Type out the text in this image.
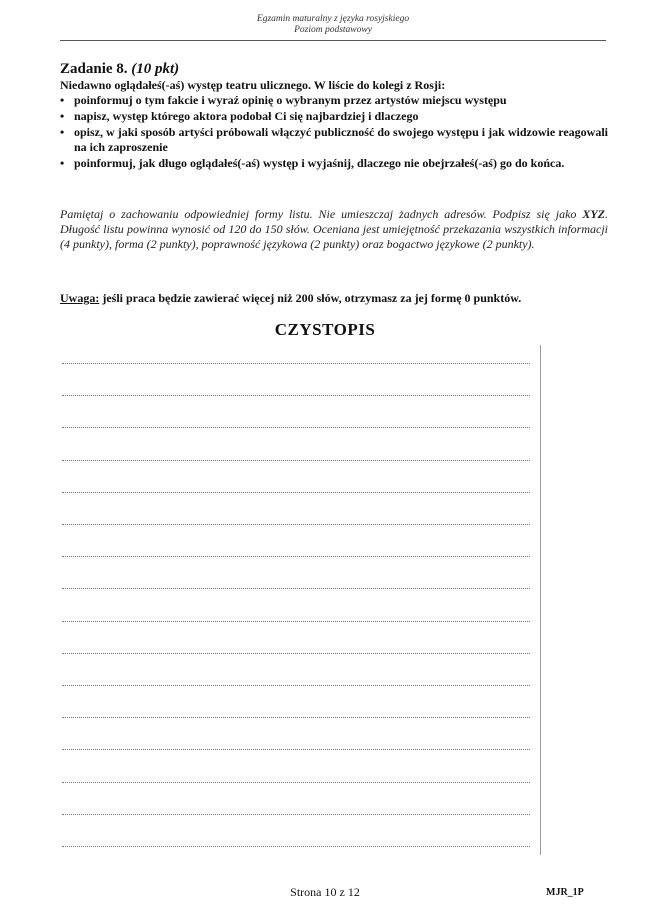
Egzamin maturalny z języka rosyjskiego
Poziom podstawowy
Zadanie 8. (10 pkt)
Niedawno oglądałeś(-aś) występ teatru ulicznego. W liście do kolegi z Rosji:
• poinformuj o tym fakcie i wyraź opinię o wybranym przez artystów miejscu występu
• napisz, występ którego aktora podobał Ci się najbardziej i dlaczego
• opisz, w jaki sposób artyści próbowali włączyć publiczność do swojego występu i jak widzowie reagowali na ich zaproszenie
• poinformuj, jak długo oglądałeś(-aś) występ i wyjaśnij, dlaczego nie obejrzałeś(-aś) go do końca.
Pamiętaj o zachowaniu odpowiedniej formy listu. Nie umieszczaj żadnych adresów. Podpisz się jako XYZ. Długość listu powinna wynosić od 120 do 150 słów. Oceniana jest umiejętność przekazania wszystkich informacji (4 punkty), forma (2 punkty), poprawność językowa (2 punkty) oraz bogactwo językowe (2 punkty).
Uwaga: jeśli praca będzie zawierać więcej niż 200 słów, otrzymasz za jej formę 0 punktów.
CZYSTOPIS
Strona 10 z 12	MJR_1P
